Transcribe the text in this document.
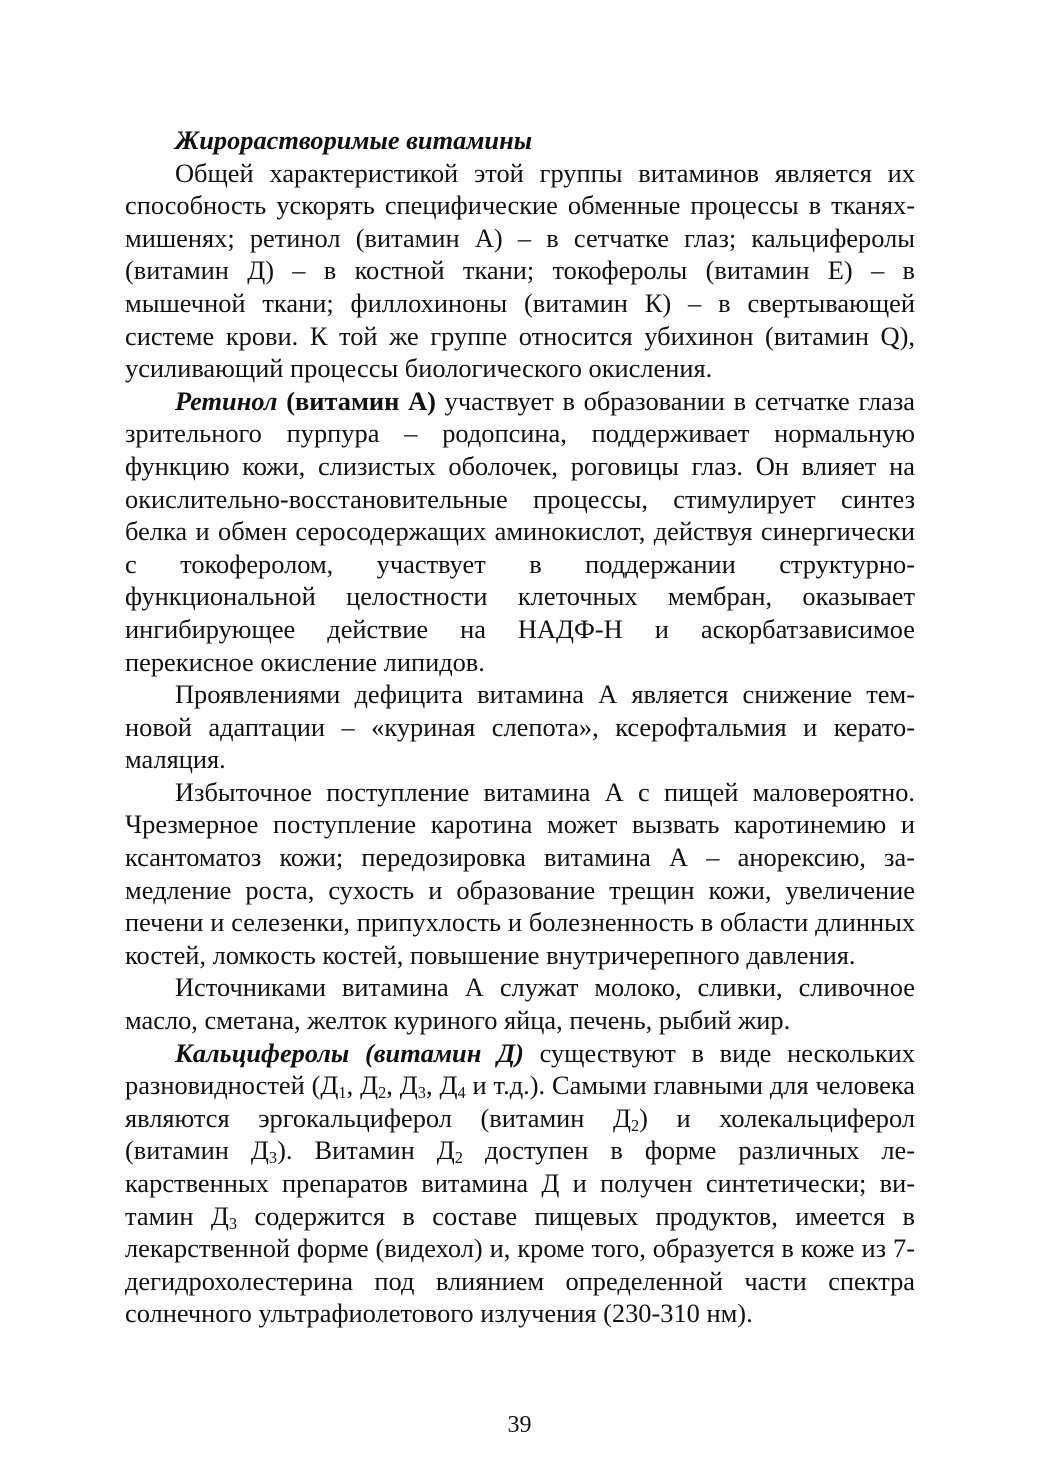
Жирорастворимые витамины

Общей характеристикой этой группы витаминов является их способность ускорять специфические обменные процессы в тканях-мишенях; ретинол (витамин А) – в сетчатке глаз; кальциферолы (витамин Д) – в костной ткани; токоферолы (витамин Е) – в мышечной ткани; филлохиноны (витамин К) – в свертывающей системе крови. К той же группе относится убихинон (витамин Q), усиливающий процессы биологического окисления.

Ретинол (витамин А) участвует в образовании в сетчатке глаза зрительного пурпура – родопсина, поддерживает нормальную функцию кожи, слизистых оболочек, роговицы глаз. Он влияет на окислительно-восстановительные процессы, стимулирует синтез белка и обмен серосодержащих аминокислот, действуя синергически с токоферолом, участвует в поддержании структурно-функциональной целостности клеточных мембран, оказывает ингибирующее действие на НАДФ-Н и аскорбатзависимое перекисное окисление липидов.

Проявлениями дефицита витамина А является снижение темновой адаптации – «куриная слепота», ксерофтальмия и кератомаляция.

Избыточное поступление витамина А с пищей маловероятно. Чрезмерное поступление каротина может вызвать каротинемию и ксантоматоз кожи; передозировка витамина А – анорексию, замедление роста, сухость и образование трещин кожи, увеличение печени и селезенки, припухлость и болезненность в области длинных костей, ломкость костей, повышение внутричерепного давления.

Источниками витамина А служат молоко, сливки, сливочное масло, сметана, желток куриного яйца, печень, рыбий жир.

Кальциферолы (витамин Д) существуют в виде нескольких разновидностей ($Д_1$, $Д_2$, $Д_3$, $Д_4$ и т.д.). Самыми главными для человека являются эргокальциферол (витамин $Д_2$) и холекальциферол (витамин $Д_3$). Витамин $Д_2$ доступен в форме различных лекарственных препаратов витамина Д и получен синтетически; витамин $Д_3$ содержится в составе пищевых продуктов, имеется в лекарственной форме (видехол) и, кроме того, образуется в коже из 7-дегидрохолестерина под влиянием определенной части спектра солнечного ультрафиолетового излучения (230-310 нм).

39
